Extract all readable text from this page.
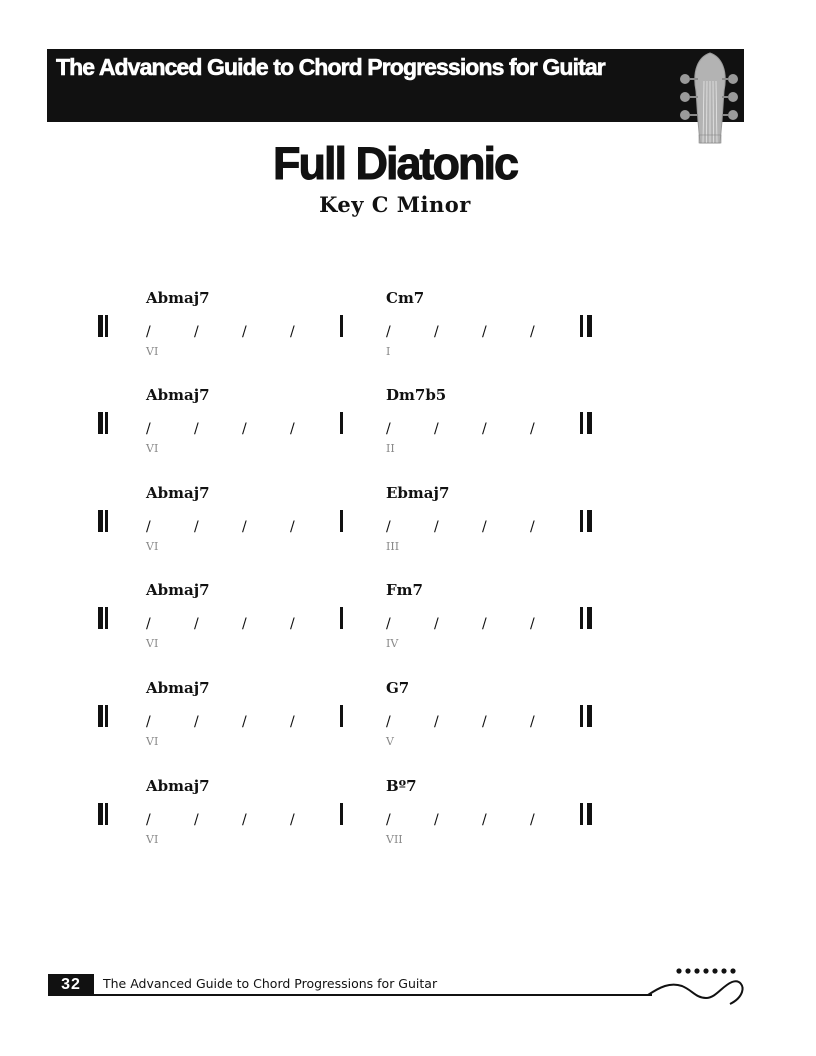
The Advanced Guide to Chord Progressions for Guitar
Full Diatonic
Key C Minor
Abmaj7
/	/	/	/
VI
Cm7
/	/	/	/
I
Abmaj7
/	/	/	/
VI
Dm7b5
/	/	/	/
II
Abmaj7
/	/	/	/
VI
Ebmaj7
/	/	/	/
III
Abmaj7
/	/	/	/
VI
Fm7
/	/	/	/
IV
Abmaj7
/	/	/	/
VI
G7
/	/	/	/
V
Abmaj7
/	/	/	/
VI
Bº7
/	/	/	/
VII
32	The Advanced Guide to Chord Progressions for Guitar
